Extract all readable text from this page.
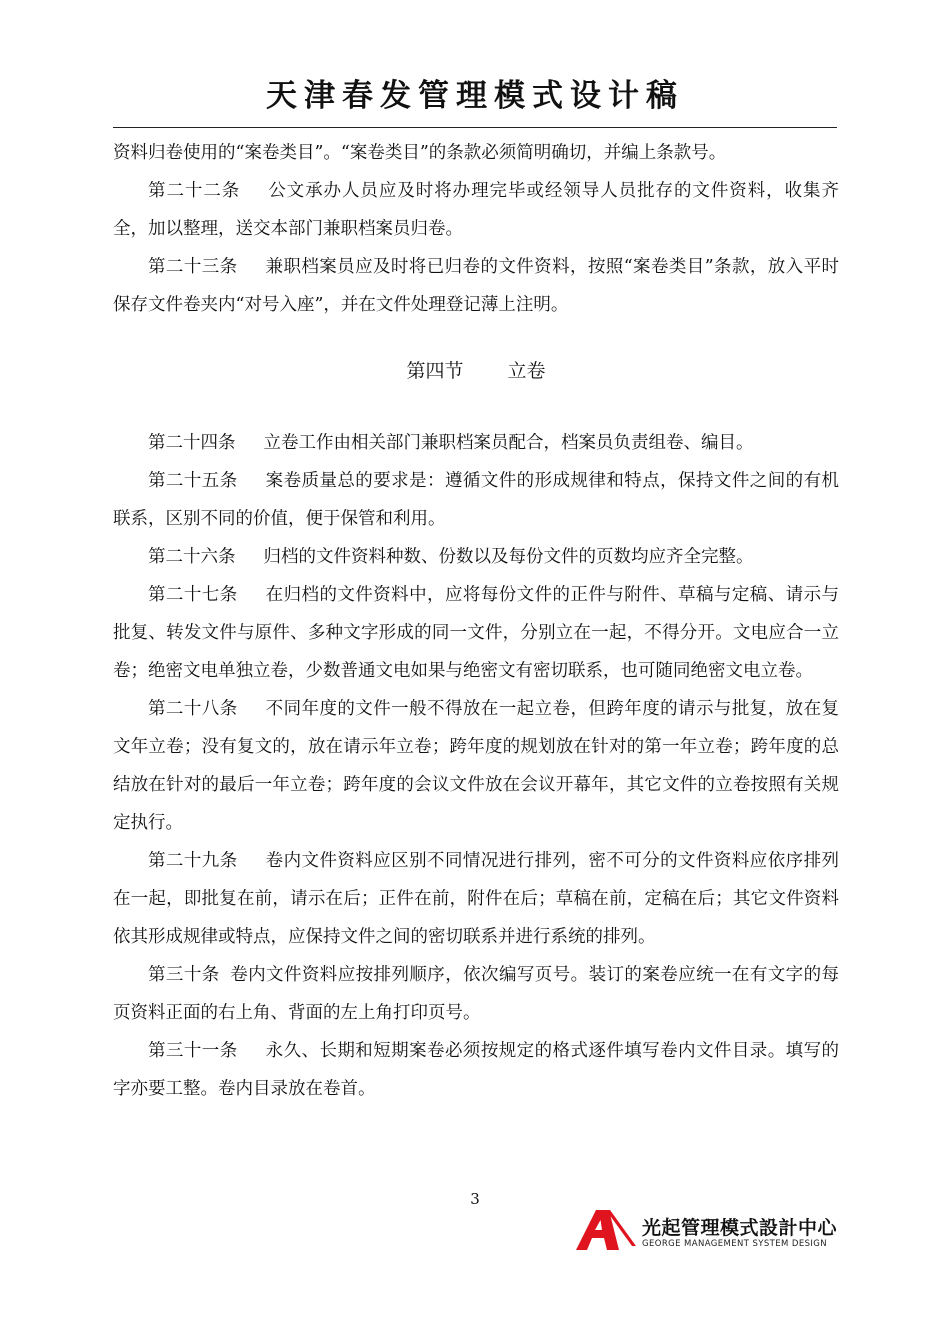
天津春发管理模式设计稿

资料归卷使用的“案卷类目”。“案卷类目”的条款必须简明确切，并编上条款号。

第二十二条 公文承办人员应及时将办理完毕或经领导人员批存的文件资料，收集齐全，加以整理，送交本部门兼职档案员归卷。

第二十三条 兼职档案员应及时将已归卷的文件资料，按照“案卷类目”条款，放入平时保存文件卷夹内“对号入座”，并在文件处理登记薄上注明。

第四节 立卷

第二十四条 立卷工作由相关部门兼职档案员配合，档案员负责组卷、编目。

第二十五条 案卷质量总的要求是：遵循文件的形成规律和特点，保持文件之间的有机联系，区别不同的价值，便于保管和利用。

第二十六条 归档的文件资料种数、份数以及每份文件的页数均应齐全完整。

第二十七条 在归档的文件资料中，应将每份文件的正件与附件、草稿与定稿、请示与批复、转发文件与原件、多种文字形成的同一文件，分别立在一起，不得分开。文电应合一立卷；绝密文电单独立卷，少数普通文电如果与绝密文有密切联系，也可随同绝密文电立卷。

第二十八条 不同年度的文件一般不得放在一起立卷，但跨年度的请示与批复，放在复文年立卷；没有复文的，放在请示年立卷；跨年度的规划放在针对的第一年立卷；跨年度的总结放在针对的最后一年立卷；跨年度的会议文件放在会议开幕年，其它文件的立卷按照有关规定执行。

第二十九条 卷内文件资料应区别不同情况进行排列，密不可分的文件资料应依序排列在一起，即批复在前，请示在后；正件在前，附件在后；草稿在前，定稿在后；其它文件资料依其形成规律或特点，应保持文件之间的密切联系并进行系统的排列。

第三十条 卷内文件资料应按排列顺序，依次编写页号。装订的案卷应统一在有文字的每页资料正面的右上角、背面的左上角打印页号。

第三十一条 永久、长期和短期案卷必须按规定的格式逐件填写卷内文件目录。填写的字亦要工整。卷内目录放在卷首。

3
光起管理模式設計中心
GEORGE MANAGEMENT SYSTEM DESIGN
